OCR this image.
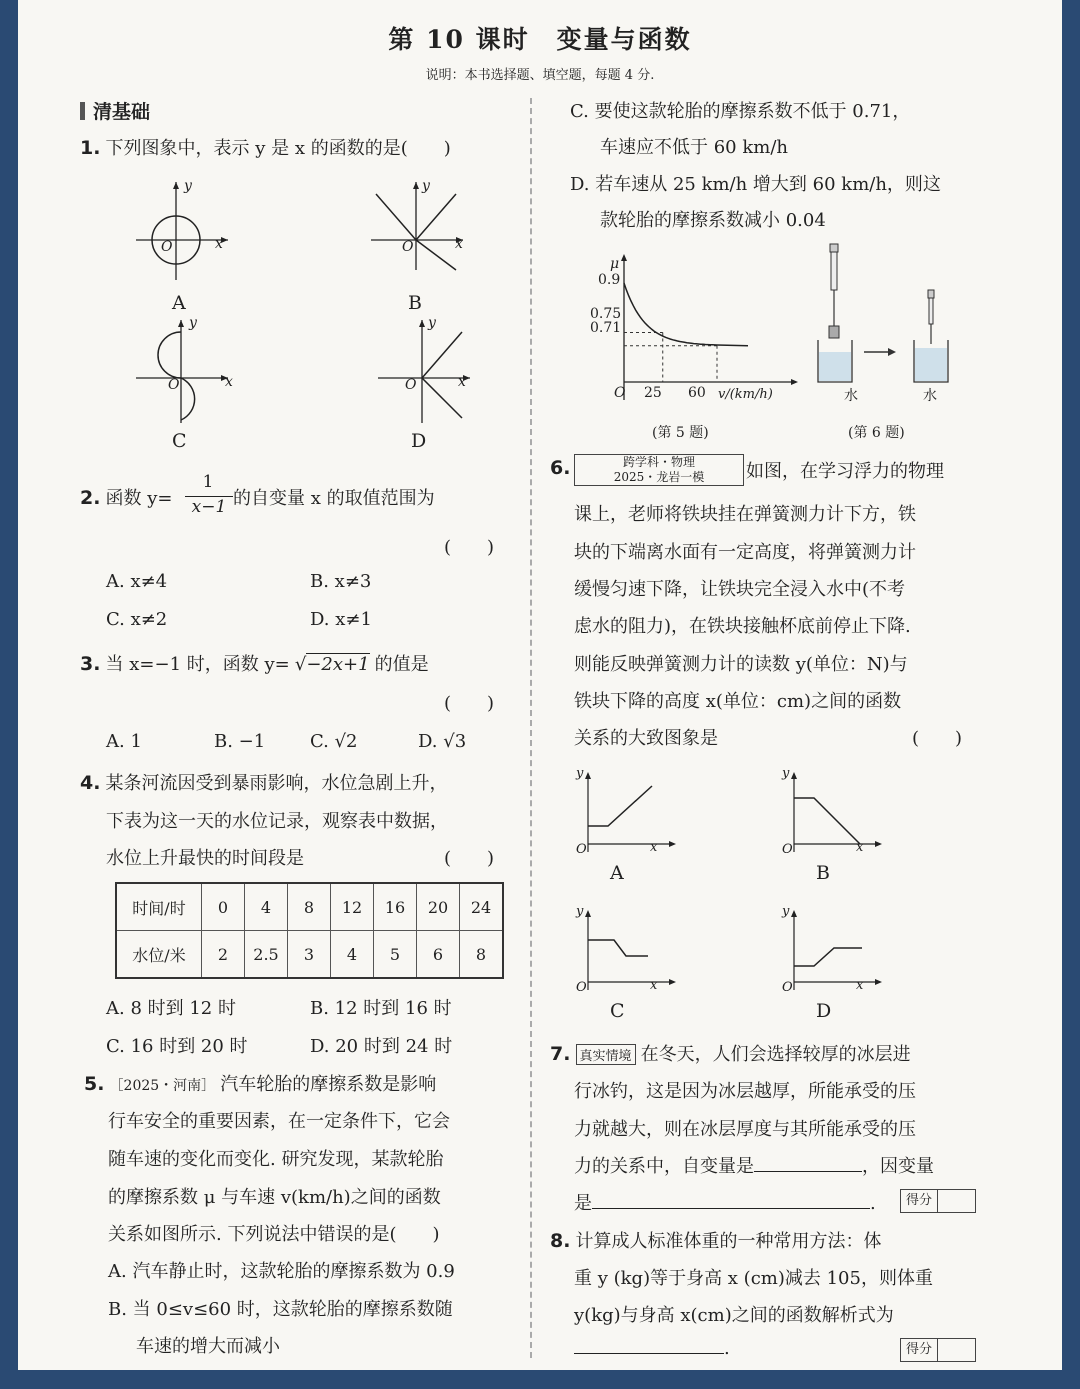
第 10 课时　变量与函数
说明：本书选择题、填空题，每题 4 分.
清基础
1. 下列图象中，表示 y 是 x 的函数的是(　　)
y
x
O
A
y
x
O
B
y
x
O
C
y
x
O
D
2. 函数 y=
1
x−1 的自变量 x 的取值范围为
(　　)
A. x≠4	B. x≠3
C. x≠2	D. x≠1
3. 当 x=−1 时，函数 y= √−2x+1 的值是
(　　)
A. 1	B. −1 C. √2	D. √3
4. 某条河流因受到暴雨影响，水位急剧上升，
下表为这一天的水位记录，观察表中数据，
水位上升最快的时间段是	(　　)
时间/时	0	4	8	12	16	20	24
水位/米	2	2.5	3	4	5	6	8
A. 8 时到 12 时	B. 12 时到 16 时
C. 16 时到 20 时	D. 20 时到 24 时
5. ［2025・河南］ 汽车轮胎的摩擦系数是影响
行车安全的重要因素，在一定条件下，它会
随车速的变化而变化. 研究发现，某款轮胎
的摩擦系数 μ 与车速 v(km/h)之间的函数
关系如图所示. 下列说法中错误的是(　　)
A. 汽车静止时，这款轮胎的摩擦系数为 0.9
B. 当 0≤v≤60 时，这款轮胎的摩擦系数随
车速的增大而减小
C. 要使这款轮胎的摩擦系数不低于 0.71，
车速应不低于 60 km/h
D. 若车速从 25 km/h 增大到 60 km/h，则这
款轮胎的摩擦系数减小 0.04
μ
0.9
0.75
0.71
O 25 60 v/(km/h)
(第 5 题)
水	水
(第 6 题)
6.	跨学科・物理
2025・龙岩一模	如图，在学习浮力的物理
课上，老师将铁块挂在弹簧测力计下方，铁
块的下端离水面有一定高度，将弹簧测力计
缓慢匀速下降，让铁块完全浸入水中(不考
虑水的阻力)，在铁块接触杯底前停止下降.
则能反映弹簧测力计的读数 y(单位：N)与
铁块下降的高度 x(单位：cm)之间的函数
关系的大致图象是	(　　)
A	B
C	D
y
O	x
y
O	x
y
O	x
y
O	x
7. 真实情境 在冬天，人们会选择较厚的冰层进
行冰钓，这是因为冰层越厚，所能承受的压
力就越大，则在冰层厚度与其所能承受的压
力的关系中，自变量是	，因变量
是	.	得分
8. 计算成人标准体重的一种常用方法：体
重 y (kg)等于身高 x (cm)减去 105，则体重
y(kg)与身高 x(cm)之间的函数解析式为
.	得分
